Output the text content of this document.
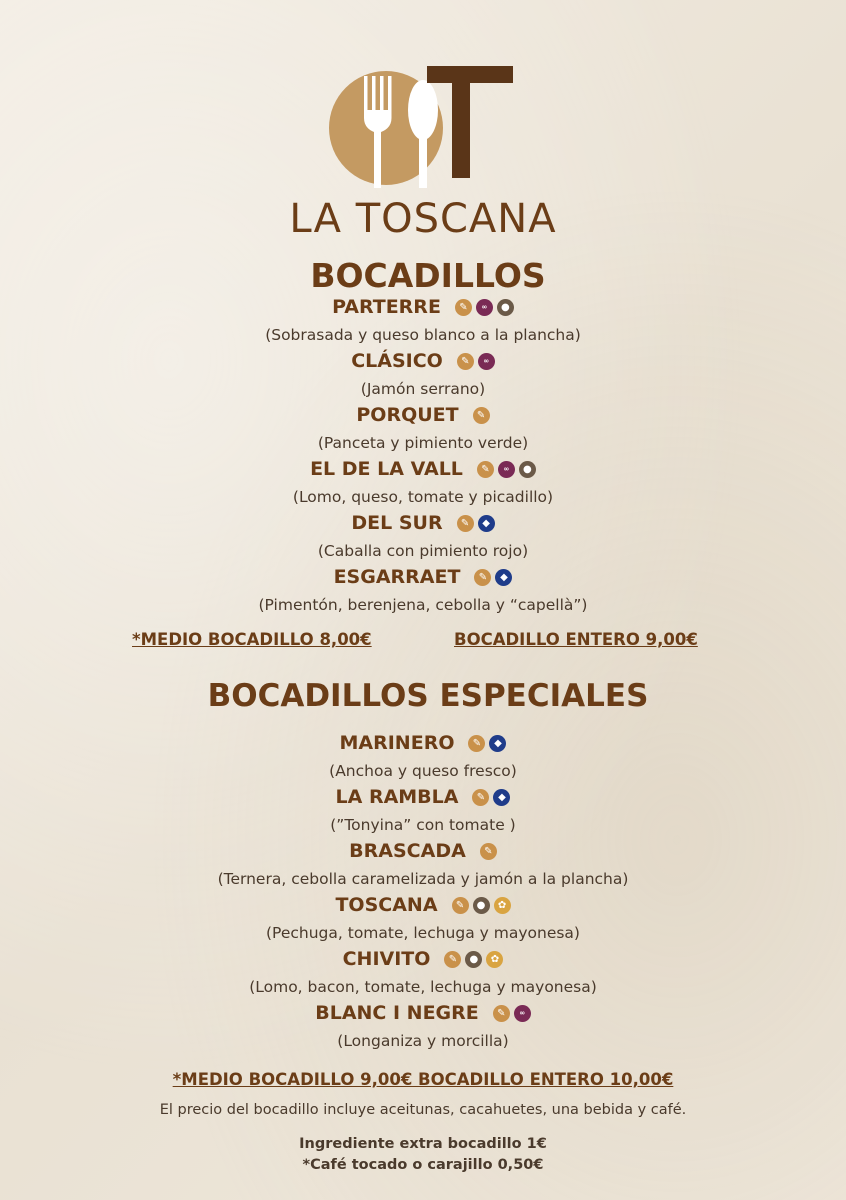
LA TOSCANA
BOCADILLOS
PARTERRE	✎	∞	●
(Sobrasada y queso blanco a la plancha)
CLÁSICO	✎	∞
(Jamón serrano)
PORQUET	✎
(Panceta y pimiento verde)
EL DE LA VALL	✎	∞	●
(Lomo, queso, tomate y picadillo)
DEL SUR	✎	◆
(Caballa con pimiento rojo)
ESGARRAET	✎	◆
(Pimentón, berenjena, cebolla y “capellà”)
*MEDIO BOCADILLO 8,00€	BOCADILLO ENTERO 9,00€
BOCADILLOS ESPECIALES
MARINERO	✎	◆
(Anchoa y queso fresco)
LA RAMBLA	✎	◆
(”Tonyina” con tomate )
BRASCADA	✎
(Ternera, cebolla caramelizada y jamón a la plancha)
TOSCANA	✎	●	✿
(Pechuga, tomate, lechuga y mayonesa)
CHIVITO	✎	●	✿
(Lomo, bacon, tomate, lechuga y mayonesa)
BLANC I NEGRE	✎	∞
(Longaniza y morcilla)
*MEDIO BOCADILLO 9,00€ BOCADILLO ENTERO 10,00€
El precio del bocadillo incluye aceitunas, cacahuetes, una bebida y café.
Ingrediente extra bocadillo 1€
*Café tocado o carajillo 0,50€
